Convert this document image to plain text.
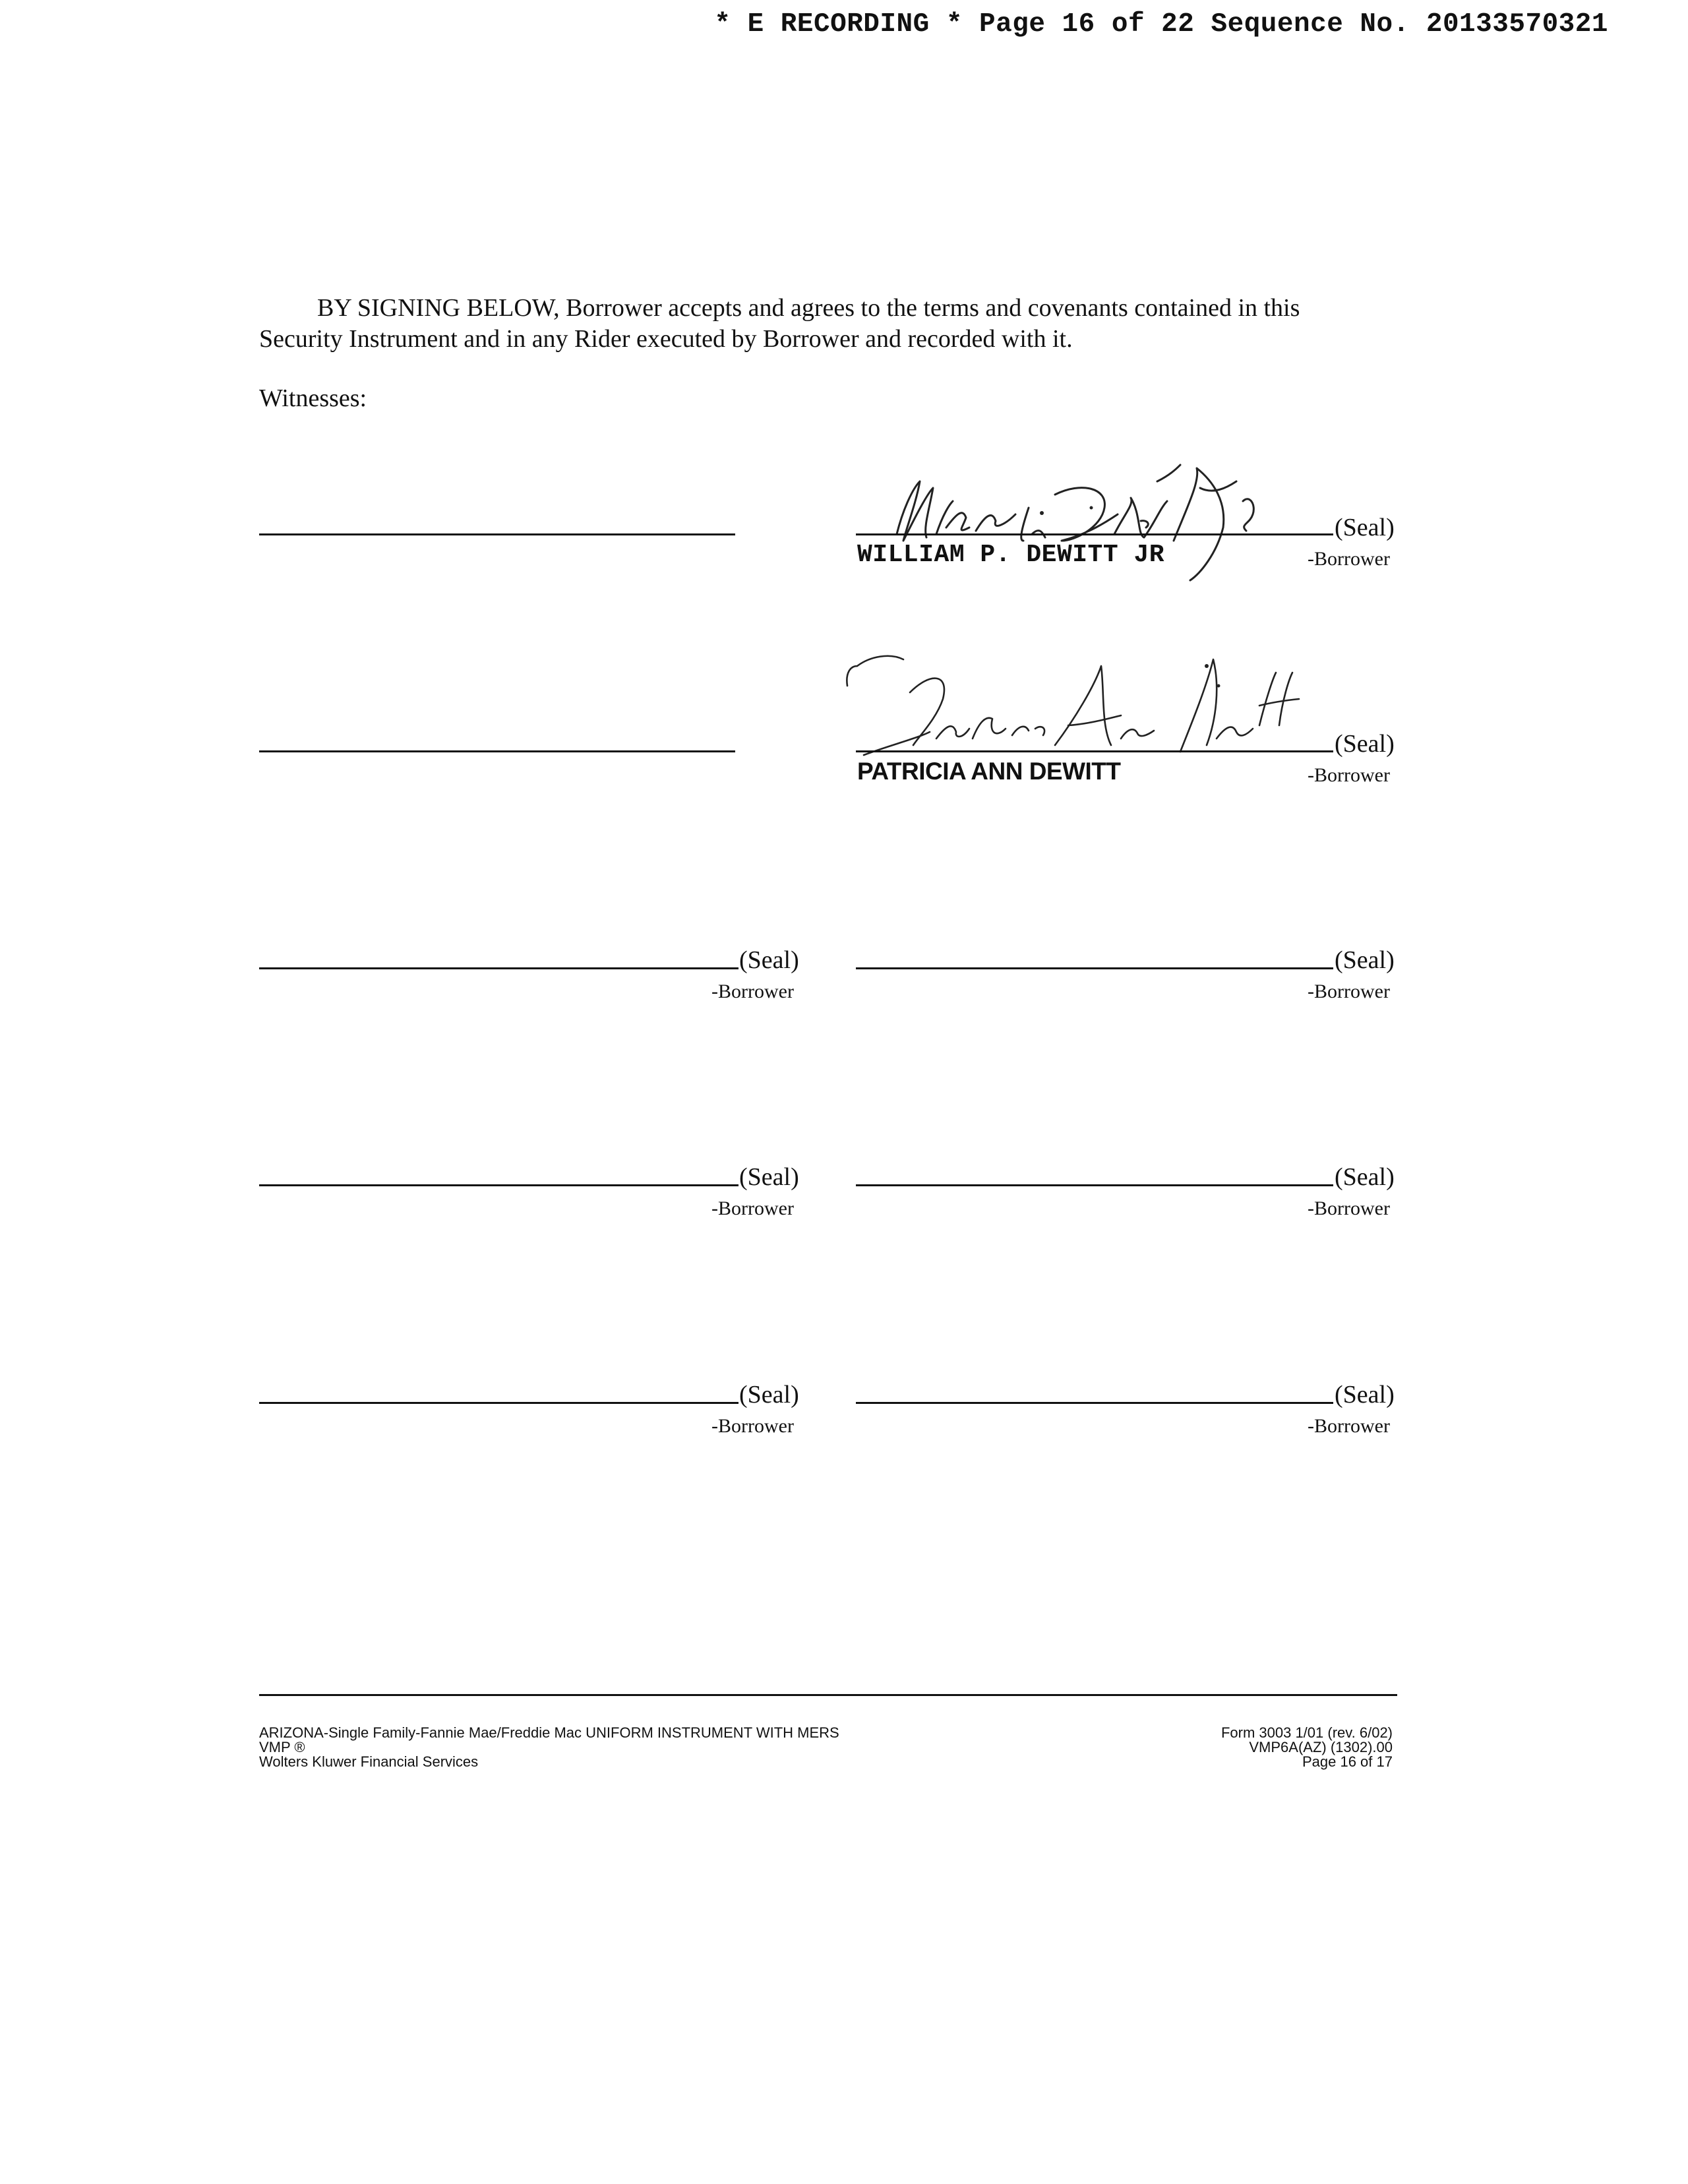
* E RECORDING * Page 16 of 22 Sequence No. 20133570321
BY SIGNING BELOW, Borrower accepts and agrees to the terms and covenants contained in this
Security Instrument and in any Rider executed by Borrower and recorded with it.
Witnesses:
(Seal)
WILLIAM P. DEWITT JR	-Borrower
(Seal)
PATRICIA ANN DEWITT	-Borrower
(Seal)
-Borrower
(Seal)
-Borrower
(Seal)
-Borrower
(Seal)
-Borrower
(Seal)
-Borrower
(Seal)
-Borrower
ARIZONA-Single Family-Fannie Mae/Freddie Mac UNIFORM INSTRUMENT WITH MERS
VMP ®
Wolters Kluwer Financial Services
Form 3003 1/01 (rev. 6/02)
VMP6A(AZ) (1302).00
Page 16 of 17
